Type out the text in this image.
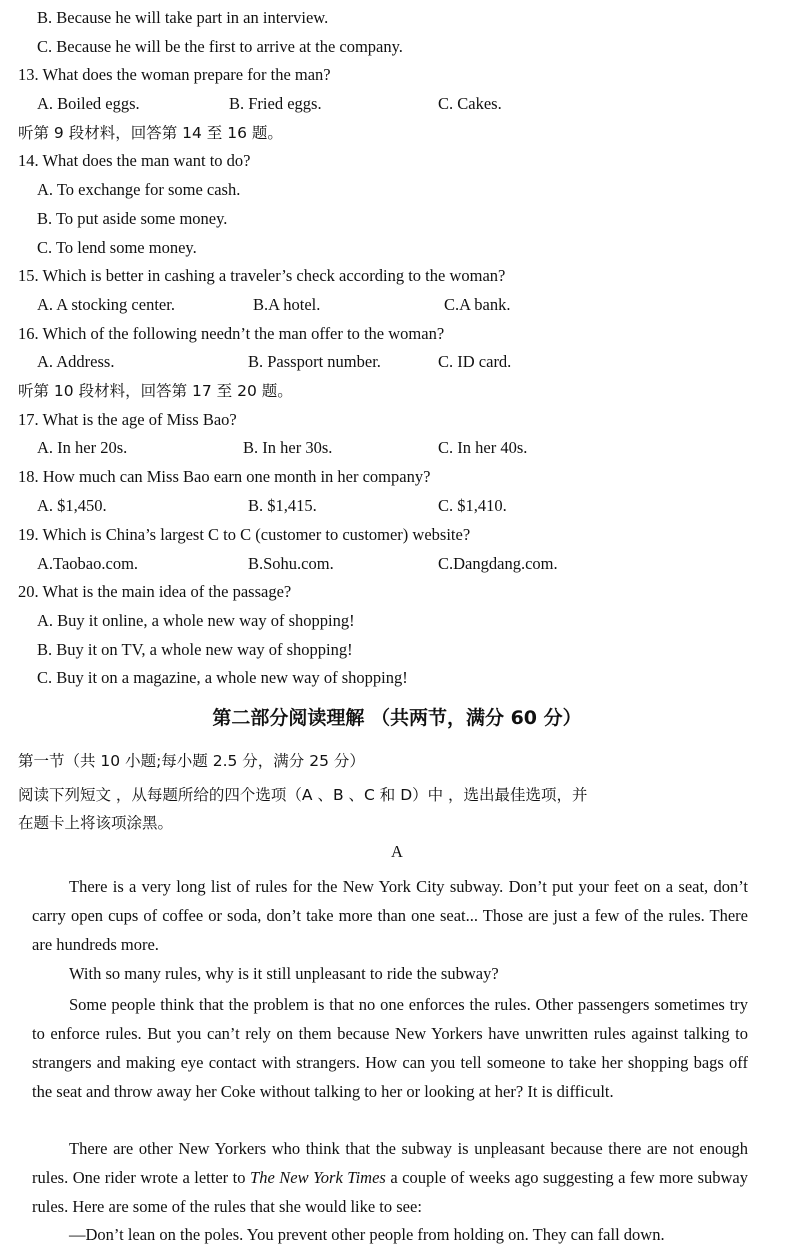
B. Because he will take part in an interview.
C. Because he will be the first to arrive at the company.
13. What does the woman prepare for the man?
A. Boiled eggs.	B. Fried eggs.	C. Cakes.
听第 9 段材料，回答第 14 至 16 题。
14. What does the man want to do?
A. To exchange for some cash.
B. To put aside some money.
C. To lend some money.
15. Which is better in cashing a traveler’s check according to the woman?
A. A stocking center.	B.A hotel.	C.A bank.
16. Which of the following needn’t the man offer to the woman?
A. Address.	B. Passport number.	C. ID card.
听第 10 段材料，回答第 17 至 20 题。
17. What is the age of Miss Bao?
A. In her 20s.	B. In her 30s.	C. In her 40s.
18. How much can Miss Bao earn one month in her company?
A. $1,450.	B. $1,415.	C. $1,410.
19. Which is China’s largest C to C (customer to customer) website?
A.Taobao.com.	B.Sohu.com.	C.Dangdang.com.
20. What is the main idea of the passage?
A. Buy it online, a whole new way of shopping!
B. Buy it on TV, a whole new way of shopping!
C. Buy it on a magazine, a whole new way of shopping!
第二部分阅读理解 （共两节，满分 60 分）
第一节（共 10 小题;每小题 2.5 分，满分 25 分）
阅读下列短文 ，从每题所给的四个选项（A 、B 、C 和 D）中 ，选出最佳选项，并
在题卡上将该项涂黑。
A
There is a very long list of rules for the New York City subway. Don’t put your feet on a seat, don’t carry open cups of coffee or soda, don’t take more than one seat... Those are just a few of the rules. There are hundreds more.
With so many rules, why is it still unpleasant to ride the subway?
Some people think that the problem is that no one enforces the rules. Other passengers sometimes try to enforce rules. But you can’t rely on them because New Yorkers have unwritten rules against talking to strangers and making eye contact with strangers. How can you tell someone to take her shopping bags off the seat and throw away her Coke without talking to her or looking at her? It is difficult.
There are other New Yorkers who think that the subway is unpleasant because there are not enough rules. One rider wrote a letter to The New York Times a couple of weeks ago suggesting a few more subway rules. Here are some of the rules that she would like to see:
—Don’t lean on the poles. You prevent other people from holding on. They can fall down.
